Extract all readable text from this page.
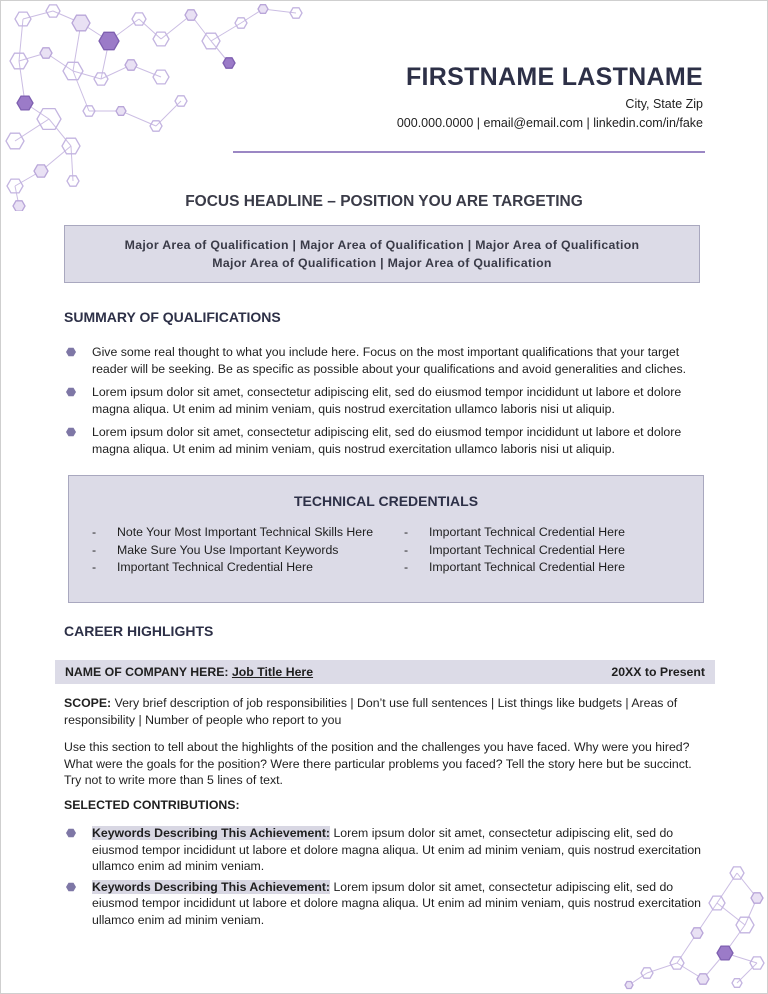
FIRSTNAME LASTNAME
City, State Zip
000.000.0000 | email@email.com | linkedin.com/in/fake
FOCUS HEADLINE – POSITION YOU ARE TARGETING
Major Area of Qualification | Major Area of Qualification | Major Area of Qualification
Major Area of Qualification | Major Area of Qualification
SUMMARY OF QUALIFICATIONS
Give some real thought to what you include here. Focus on the most important qualifications that your target reader will be seeking. Be as specific as possible about your qualifications and avoid generalities and cliches.
Lorem ipsum dolor sit amet, consectetur adipiscing elit, sed do eiusmod tempor incididunt ut labore et dolore magna aliqua. Ut enim ad minim veniam, quis nostrud exercitation ullamco laboris nisi ut aliquip.
Lorem ipsum dolor sit amet, consectetur adipiscing elit, sed do eiusmod tempor incididunt ut labore et dolore magna aliqua. Ut enim ad minim veniam, quis nostrud exercitation ullamco laboris nisi ut aliquip.
TECHNICAL CREDENTIALS
- Note Your Most Important Technical Skills Here
- Make Sure You Use Important Keywords
- Important Technical Credential Here
- Important Technical Credential Here
- Important Technical Credential Here
- Important Technical Credential Here
CAREER HIGHLIGHTS
NAME OF COMPANY HERE: Job Title Here	20XX to Present

SCOPE: Very brief description of job responsibilities | Don’t use full sentences | List things like budgets | Areas of responsibility | Number of people who report to you

Use this section to tell about the highlights of the position and the challenges you have faced. Why were you hired? What were the goals for the position? Were there particular problems you faced? Tell the story here but be succinct. Try not to write more than 5 lines of text.

SELECTED CONTRIBUTIONS:
Keywords Describing This Achievement: Lorem ipsum dolor sit amet, consectetur adipiscing elit, sed do eiusmod tempor incididunt ut labore et dolore magna aliqua. Ut enim ad minim veniam, quis nostrud exercitation ullamco enim ad minim veniam.
Keywords Describing This Achievement: Lorem ipsum dolor sit amet, consectetur adipiscing elit, sed do eiusmod tempor incididunt ut labore et dolore magna aliqua. Ut enim ad minim veniam, quis nostrud exercitation ullamco enim ad minim veniam.
